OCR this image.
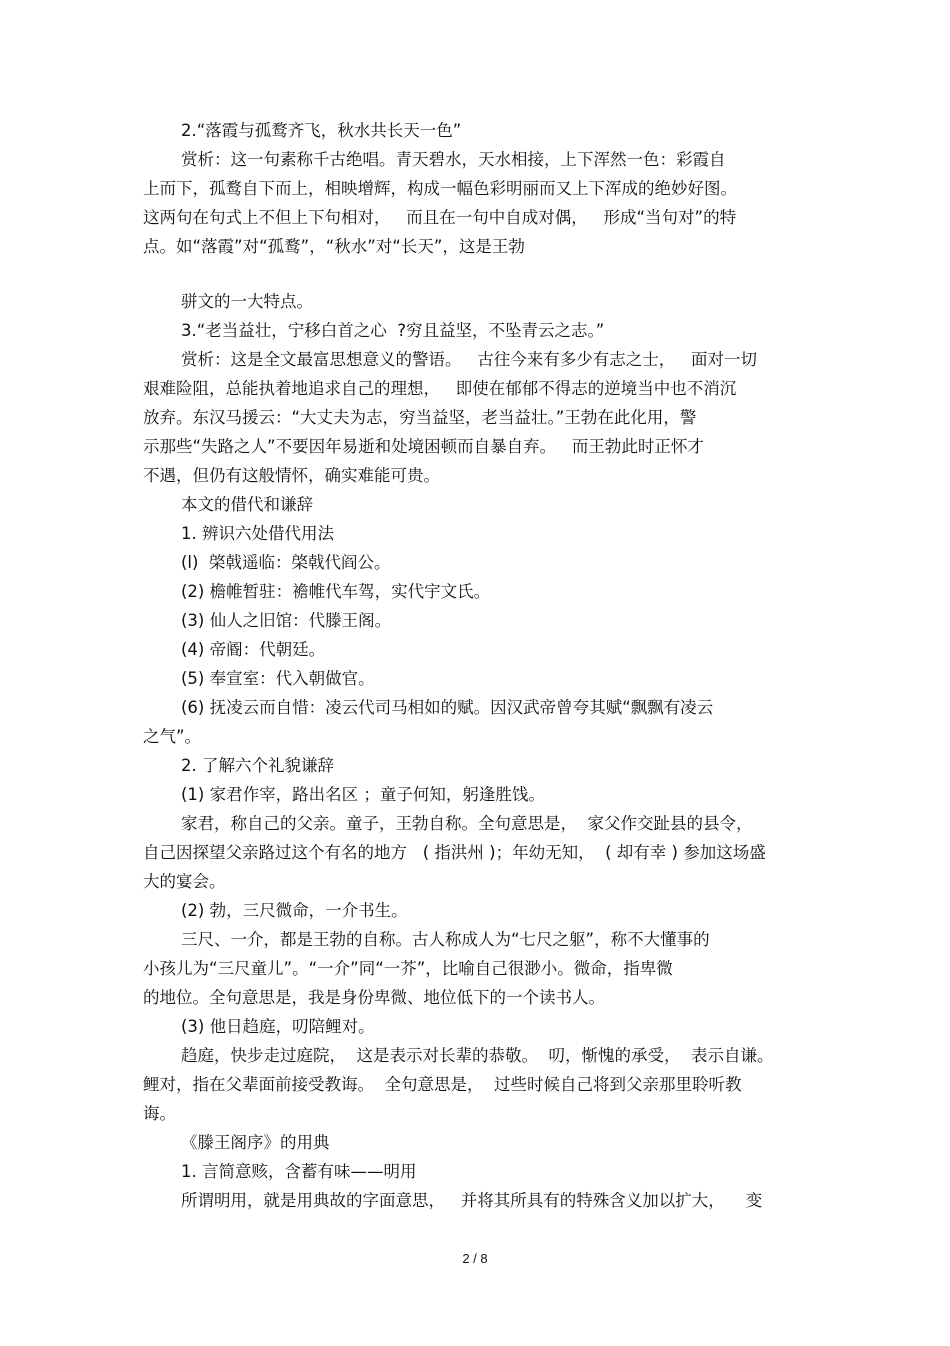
2.“落霞与孤鹜齐飞，秋水共长天一色”
赏析：这一句素称千古绝唱。青天碧水，天水相接，上下浑然一色：彩霞自
上而下，孤鹜自下而上，相映增辉，构成一幅色彩明丽而又上下浑成的绝妙好图。
这两句在句式上不但上下句相对，   而且在一句中自成对偶，   形成“当句对”的特
点。如“落霞”对“孤鹜”，“秋水”对“长天”，这是王勃
骈文的一大特点。
3.“老当益壮，宁移白首之心  ?穷且益坚，不坠青云之志。”
赏析：这是全文最富思想意义的警语。   古往今来有多少有志之士，   面对一切
艰难险阻，总能执着地追求自己的理想，   即使在郁郁不得志的逆境当中也不消沉
放弃。东汉马援云：“大丈夫为志，穷当益坚，老当益壮。”王勃在此化用，警
示那些“失路之人”不要因年易逝和处境困顿而自暴自弃。   而王勃此时正怀才
不遇，但仍有这般情怀，确实难能可贵。
本文的借代和谦辞
1. 辨识六处借代用法
(l)  棨戟遥临：棨戟代阎公。
(2) 檐帷暂驻：襜帷代车驾，实代宇文氏。
(3) 仙人之旧馆：代滕王阁。
(4) 帝阍：代朝廷。
(5) 奉宣室：代入朝做官。
(6) 抚凌云而自惜：凌云代司马相如的赋。因汉武帝曾夸其赋“飘飘有凌云
之气”。
2. 了解六个礼貌谦辞
(1) 家君作宰，路出名区 ；童子何知，躬逢胜饯。
家君，称自己的父亲。童子，王勃自称。全句意思是，  家父作交趾县的县令，
自己因探望父亲路过这个有名的地方   ( 指洪州 )；年幼无知，  ( 却有幸 ) 参加这场盛
大的宴会。
(2) 勃，三尺微命，一介书生。
三尺、一介，都是王勃的自称。古人称成人为“七尺之躯”，称不大懂事的
小孩儿为“三尺童儿”。“一介”同“一芥”，比喻自己很渺小。微命，指卑微
的地位。全句意思是，我是身份卑微、地位低下的一个读书人。
(3) 他日趋庭，叨陪鲤对。
趋庭，快步走过庭院，  这是表示对长辈的恭敬。  叨，惭愧的承受，  表示自谦。
鲤对，指在父辈面前接受教诲。  全句意思是，  过些时候自己将到父亲那里聆听教
诲。
《滕王阁序》的用典
1. 言简意赅，含蓄有味——明用
所谓明用，就是用典故的字面意思，   并将其所具有的特殊含义加以扩大，    变
2 / 8
